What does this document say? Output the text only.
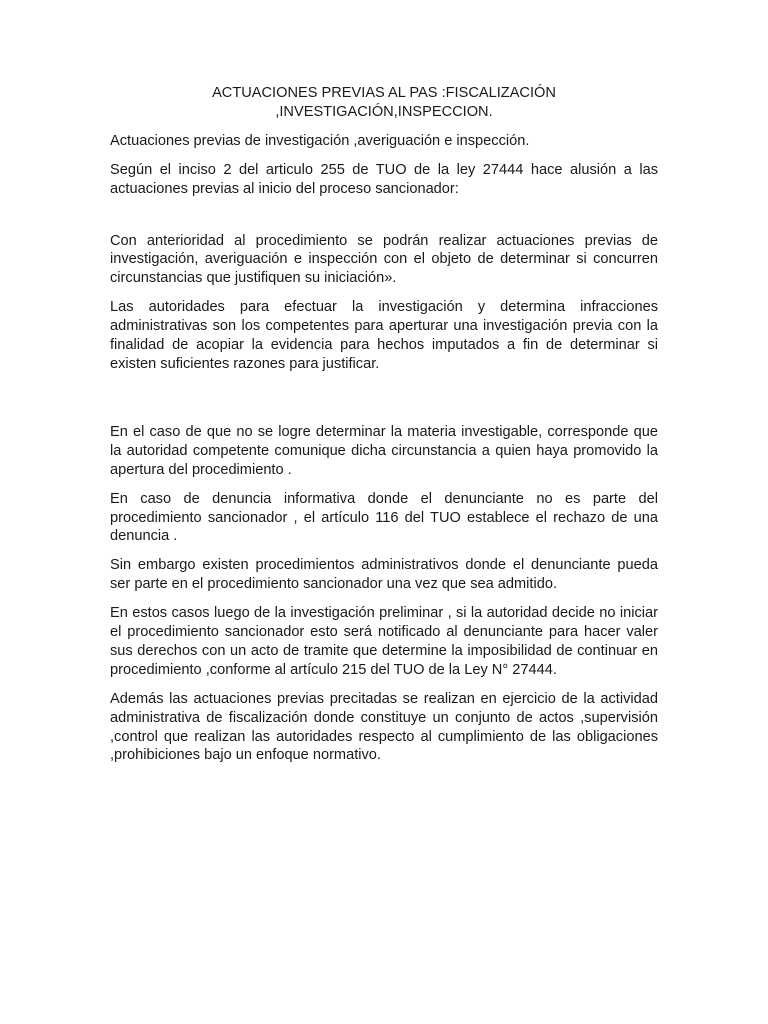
ACTUACIONES PREVIAS AL PAS :FISCALIZACIÓN
,INVESTIGACIÓN,INSPECCION.

Actuaciones previas de investigación ,averiguación e inspección.

Según el inciso 2 del articulo 255 de TUO de la ley 27444 hace alusión a las actuaciones previas al inicio del proceso sancionador:

Con anterioridad al procedimiento se podrán realizar actuaciones previas de investigación, averiguación e inspección con el objeto de determinar si concurren circunstancias que justifiquen su iniciación».

Las autoridades para efectuar la investigación y determina infracciones administrativas son los competentes para aperturar una investigación previa con la finalidad de acopiar la evidencia para hechos imputados a fin de determinar si existen suficientes razones para justificar.

En el caso de que no se logre determinar la materia investigable, corresponde que la autoridad competente comunique dicha circunstancia a quien haya promovido la apertura del procedimiento .

En caso de denuncia informativa donde el denunciante no es parte del procedimiento sancionador , el artículo 116 del TUO establece el rechazo de una denuncia .

Sin embargo existen procedimientos administrativos donde el denunciante pueda ser parte en el procedimiento sancionador una vez que sea admitido.

En estos casos luego de la investigación preliminar , si la autoridad decide no iniciar el procedimiento sancionador esto será notificado al denunciante para hacer valer sus derechos con un acto de tramite que determine la imposibilidad de continuar en procedimiento ,conforme al artículo 215 del TUO de la Ley N° 27444.

Además las actuaciones previas precitadas se realizan en ejercicio de la actividad administrativa de fiscalización donde constituye un conjunto de actos ,supervisión ,control que realizan las autoridades respecto al cumplimiento de las obligaciones ,prohibiciones bajo un enfoque normativo.
